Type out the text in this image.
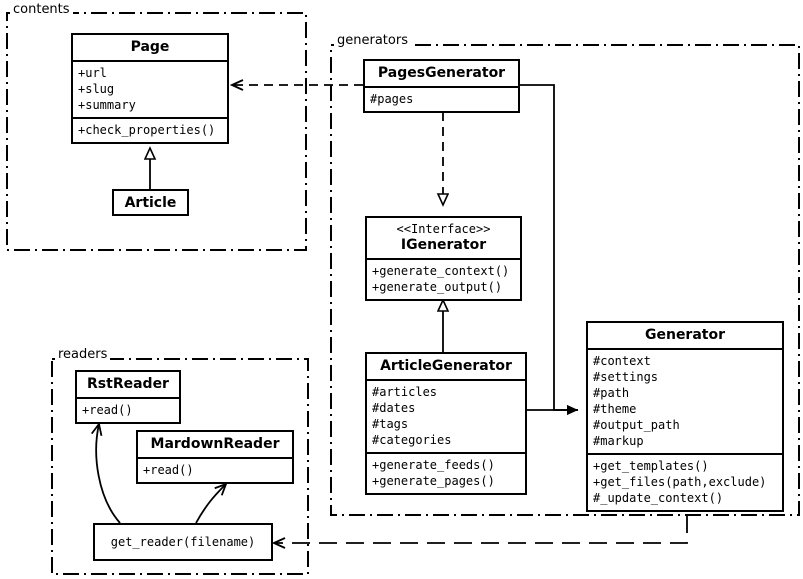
contents
generators
readers
Page
+url
+slug
+summary
+check_properties()
Article
PagesGenerator
#pages
<<Interface>>
IGenerator
+generate_context()
+generate_output()
ArticleGenerator
#articles
#dates
#tags
#categories
+generate_feeds()
+generate_pages()
Generator
#context
#settings
#path
#theme
#output_path
#markup
+get_templates()
+get_files(path,exclude)
#_update_context()
RstReader
+read()
MardownReader
+read()
get_reader(filename)
